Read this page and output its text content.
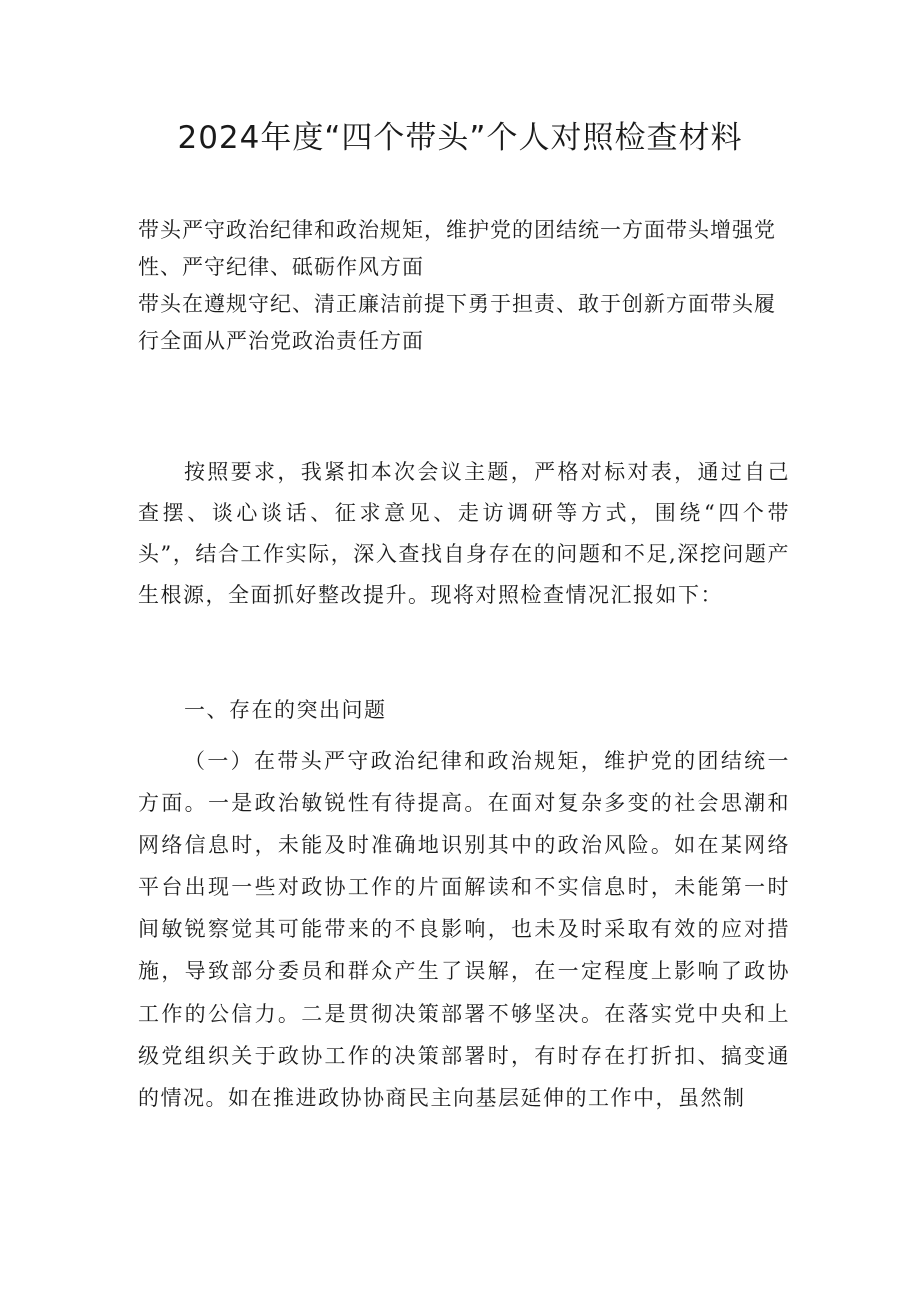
2024年度“四个带头”个人对照检查材料

带头严守政治纪律和政治规矩，维护党的团结统一方面带头增强党性、严守纪律、砥砺作风方面

带头在遵规守纪、清正廉洁前提下勇于担责、敢于创新方面带头履行全面从严治党政治责任方面

按照要求，我紧扣本次会议主题，严格对标对表，通过自己查摆、谈心谈话、征求意见、走访调研等方式，围绕“四个带头”，结合工作实际，深入查找自身存在的问题和不足,深挖问题产生根源，全面抓好整改提升。现将对照检查情况汇报如下：

一、存在的突出问题

（一）在带头严守政治纪律和政治规矩，维护党的团结统一方面。一是政治敏锐性有待提高。在面对复杂多变的社会思潮和网络信息时，未能及时准确地识别其中的政治风险。如在某网络平台出现一些对政协工作的片面解读和不实信息时，未能第一时间敏锐察觉其可能带来的不良影响，也未及时采取有效的应对措施，导致部分委员和群众产生了误解，在一定程度上影响了政协工作的公信力。二是贯彻决策部署不够坚决。在落实党中央和上级党组织关于政协工作的决策部署时，有时存在打折扣、搞变通的情况。如在推进政协协商民主向基层延伸的工作中，虽然制
